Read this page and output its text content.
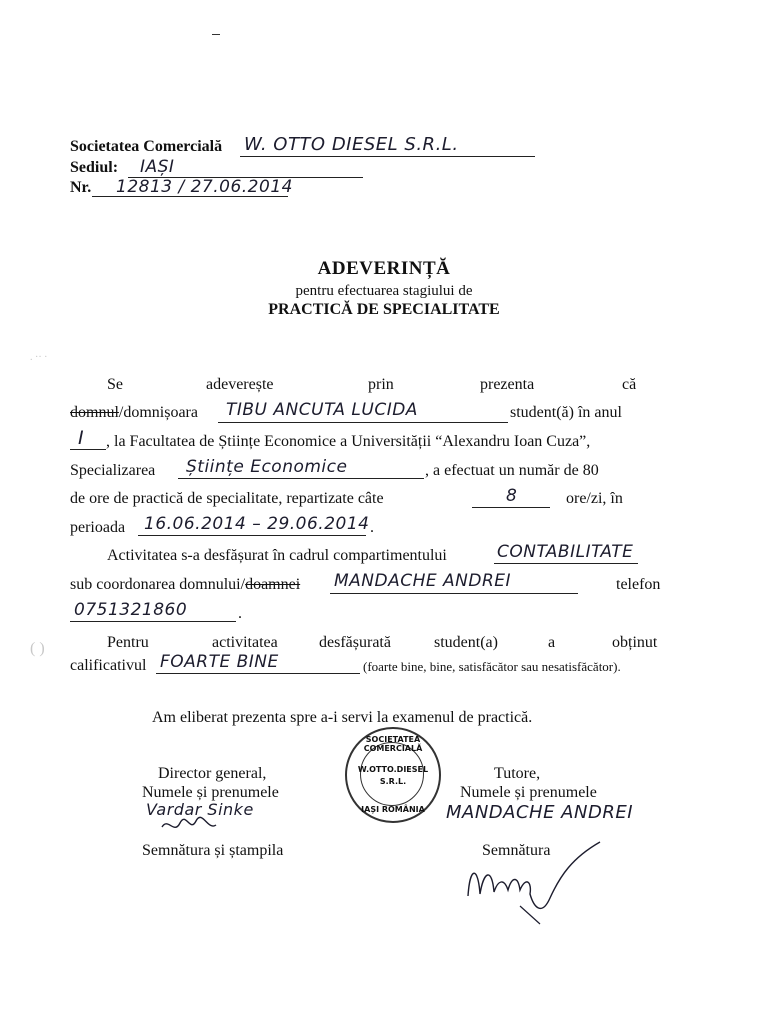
Societatea Comercială W. OTTO DIESEL S.R.L.
Sediul: IAȘI
Nr. 12813 / 27.06.2014
ADEVERINȚĂ
pentru efectuarea stagiului de
PRACTICĂ DE SPECIALITATE
. ·· ·
Se	adeverește	prin	prezenta	că
domnul/domnișoara TIBU ANCUTA LUCIDA	student(ă) în anul
I , la Facultatea de Științe Economice a Universității “Alexandru Ioan Cuza”,
Specializarea Științe Economice	, a efectuat un număr de 80
de ore de practică de specialitate, repartizate câte	8	ore/zi, în
perioada 16.06.2014 – 29.06.2014 .
Activitatea s-a desfășurat în cadrul compartimentului	CONTABILITATE
sub coordonarea domnului/doamnei MANDACHE ANDREI	telefon
0751321860	.
( )	Pentru	activitatea	desfășurată	student(a)	a	obținut
calificativul FOARTE BINE	(foarte bine, bine, satisfăcător sau nesatisfăcător).
Am eliberat prezenta spre a-i servi la examenul de practică.
Director general,
Numele și prenumele
Vardar Sinke
Semnătura și ștampila
SOCIETATEA COMERCIALĂ
W.OTTO.DIESEL
S.R.L.
IAȘI ROMÂNIA
Tutore,
Numele și prenumele
MANDACHE ANDREI
Semnătura
